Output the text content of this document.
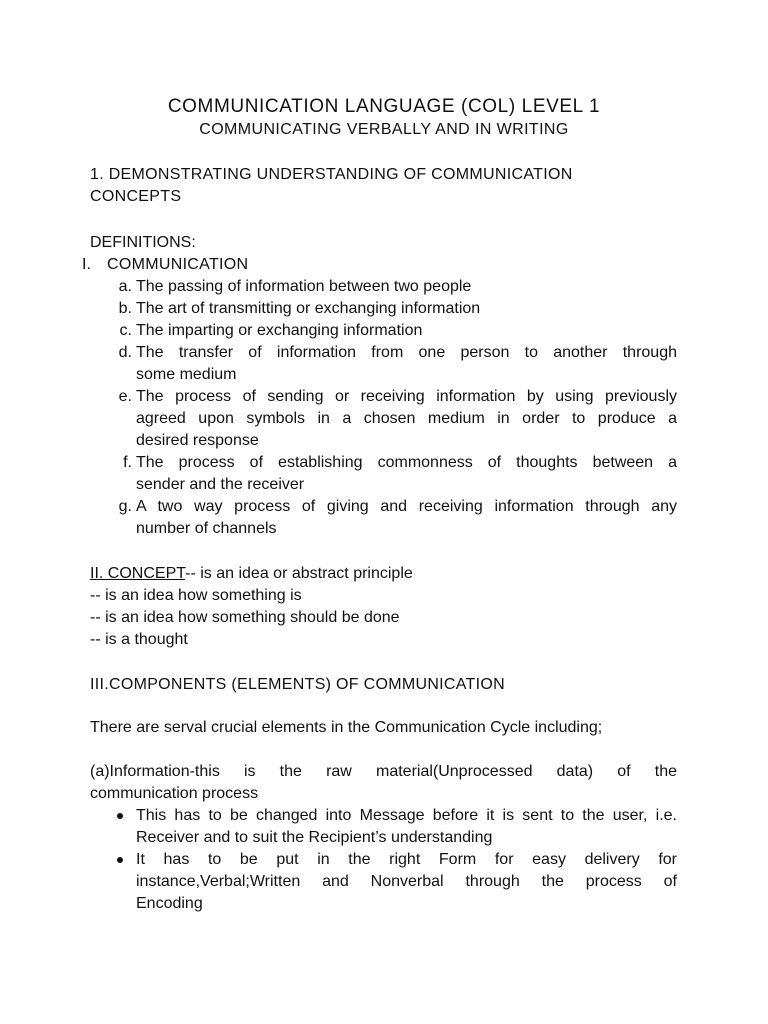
COMMUNICATION LANGUAGE (COL) LEVEL 1
COMMUNICATING VERBALLY AND IN WRITING
1. DEMONSTRATING UNDERSTANDING OF COMMUNICATION
CONCEPTS
DEFINITIONS:
I. COMMUNICATION
a. The passing of information between two people
b. The art of transmitting or exchanging information
c. The imparting or exchanging information
d. The transfer of information from one person to another through
some medium
e. The process of sending or receiving information by using previously
agreed upon symbols in a chosen medium in order to produce a
desired response
f. The process of establishing commonness of thoughts between a
sender and the receiver
g. A two way process of giving and receiving information through any
number of channels
II. CONCEPT-- is an idea or abstract principle
-- is an idea how something is
-- is an idea how something should be done
-- is a thought
III.COMPONENTS (ELEMENTS) OF COMMUNICATION
There are serval crucial elements in the Communication Cycle including;
(a)Information-this is the raw material(Unprocessed data) of the
communication process
This has to be changed into Message before it is sent to the user, i.e.
Receiver and to suit the Recipient’s understanding
It has to be put in the right Form for easy delivery for
instance,Verbal;Written and Nonverbal through the process of
Encoding
